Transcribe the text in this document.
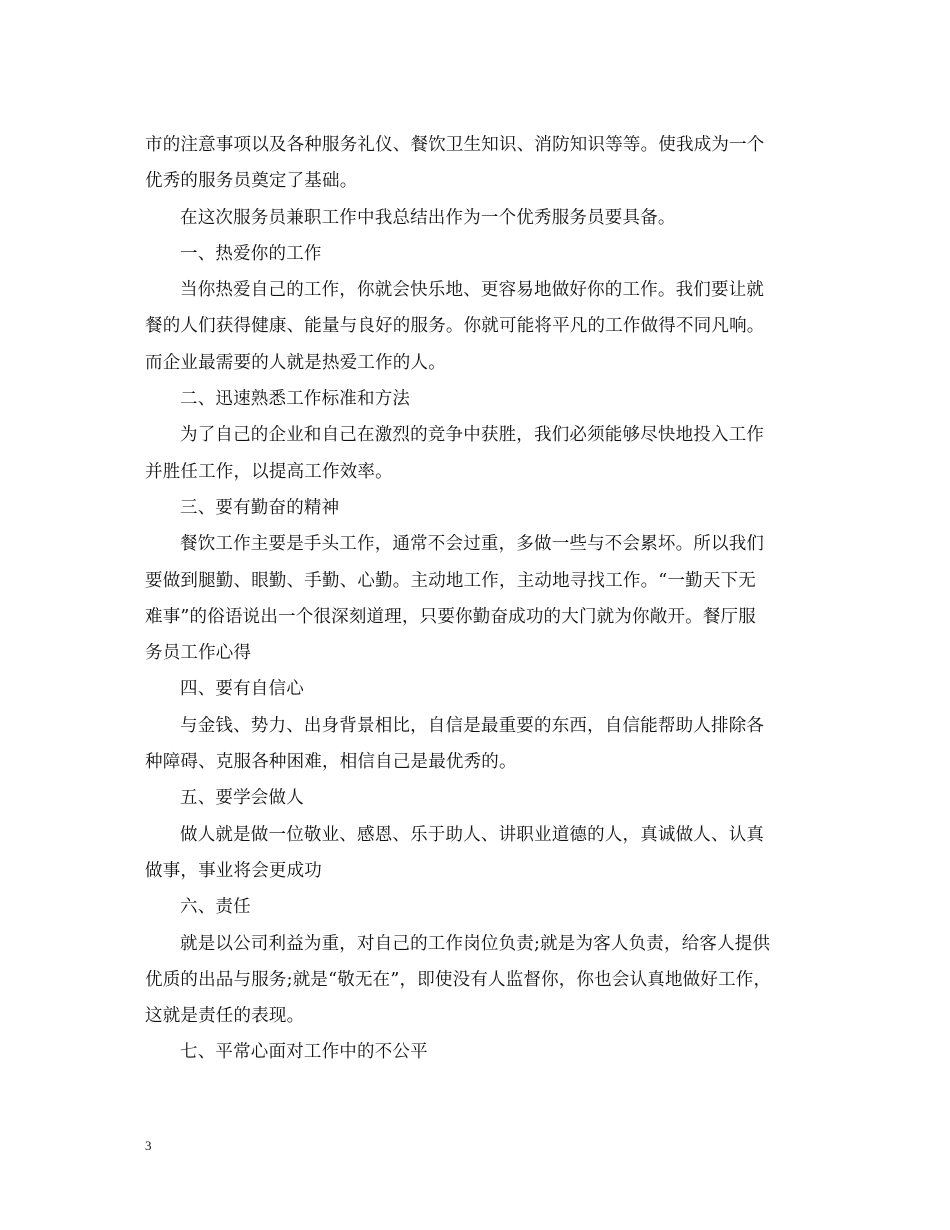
市的注意事项以及各种服务礼仪、餐饮卫生知识、消防知识等等。使我成为一个
优秀的服务员奠定了基础。
在这次服务员兼职工作中我总结出作为一个优秀服务员要具备。
一、热爱你的工作
当你热爱自己的工作，你就会快乐地、更容易地做好你的工作。我们要让就
餐的人们获得健康、能量与良好的服务。你就可能将平凡的工作做得不同凡响。
而企业最需要的人就是热爱工作的人。
二、迅速熟悉工作标准和方法
为了自己的企业和自己在激烈的竞争中获胜，我们必须能够尽快地投入工作
并胜任工作，以提高工作效率。
三、要有勤奋的精神
餐饮工作主要是手头工作，通常不会过重，多做一些与不会累坏。所以我们
要做到腿勤、眼勤、手勤、心勤。主动地工作，主动地寻找工作。“一勤天下无
难事”的俗语说出一个很深刻道理，只要你勤奋成功的大门就为你敞开。餐厅服
务员工作心得
四、要有自信心
与金钱、势力、出身背景相比，自信是最重要的东西，自信能帮助人排除各
种障碍、克服各种困难，相信自己是最优秀的。
五、要学会做人
做人就是做一位敬业、感恩、乐于助人、讲职业道德的人，真诚做人、认真
做事，事业将会更成功
六、责任
就是以公司利益为重，对自己的工作岗位负责;就是为客人负责，给客人提供
优质的出品与服务;就是“敬无在”，即使没有人监督你，你也会认真地做好工作，
这就是责任的表现。
七、平常心面对工作中的不公平
3
